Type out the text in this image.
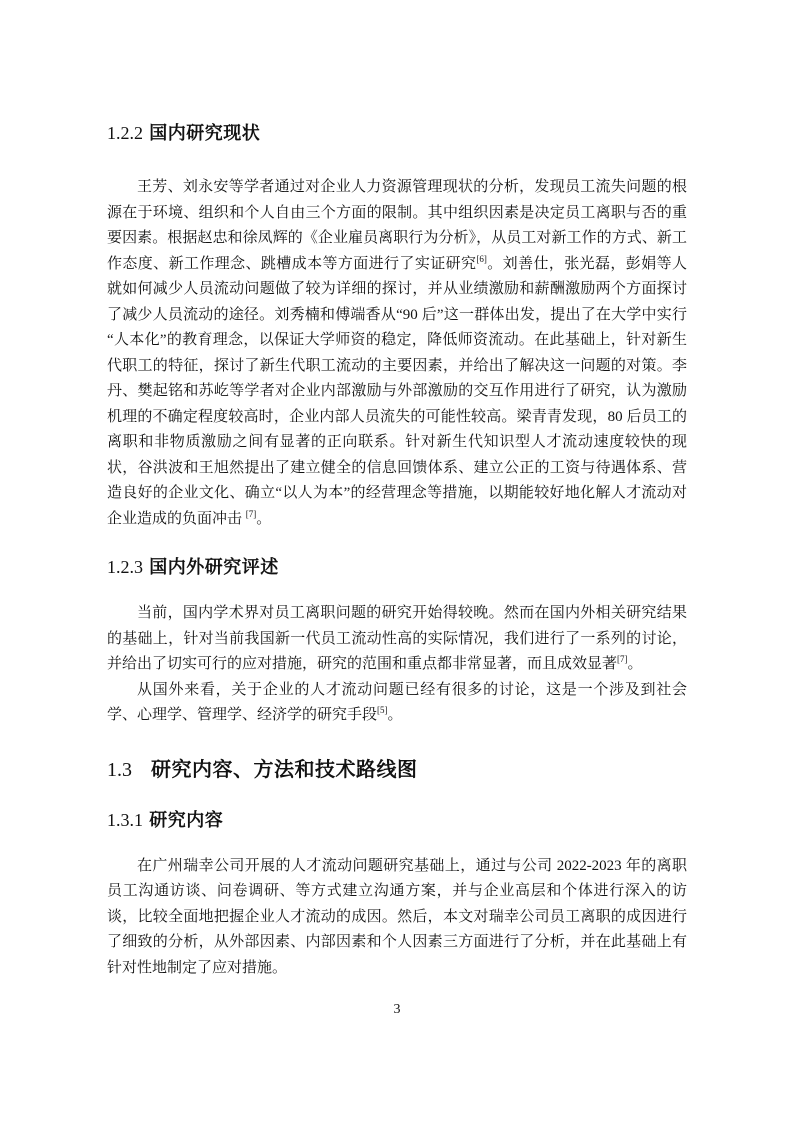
1.2.2 国内研究现状

王芳、刘永安等学者通过对企业人力资源管理现状的分析，发现员工流失问题的根源在于环境、组织和个人自由三个方面的限制。其中组织因素是决定员工离职与否的重要因素。根据赵忠和徐凤辉的《企业雇员离职行为分析》，从员工对新工作的方式、新工作态度、新工作理念、跳槽成本等方面进行了实证研究[6]。刘善仕，张光磊，彭娟等人就如何减少人员流动问题做了较为详细的探讨，并从业绩激励和薪酬激励两个方面探讨了减少人员流动的途径。刘秀楠和傅端香从“90 后”这一群体出发，提出了在大学中实行“人本化”的教育理念，以保证大学师资的稳定，降低师资流动。在此基础上，针对新生代职工的特征，探讨了新生代职工流动的主要因素，并给出了解决这一问题的对策。李丹、樊起铭和苏屹等学者对企业内部激励与外部激励的交互作用进行了研究，认为激励机理的不确定程度较高时，企业内部人员流失的可能性较高。梁青青发现，80 后员工的离职和非物质激励之间有显著的正向联系。针对新生代知识型人才流动速度较快的现状，谷洪波和王旭然提出了建立健全的信息回馈体系、建立公正的工资与待遇体系、营造良好的企业文化、确立“以人为本”的经营理念等措施，以期能较好地化解人才流动对企业造成的负面冲击 [7]。

1.2.3 国内外研究评述

当前，国内学术界对员工离职问题的研究开始得较晚。然而在国内外相关研究结果的基础上，针对当前我国新一代员工流动性高的实际情况，我们进行了一系列的讨论，并给出了切实可行的应对措施，研究的范围和重点都非常显著，而且成效显著[7]。

从国外来看，关于企业的人才流动问题已经有很多的讨论，这是一个涉及到社会学、心理学、管理学、经济学的研究手段[5]。

1.3 研究内容、方法和技术路线图
1.3.1 研究内容

在广州瑞幸公司开展的人才流动问题研究基础上，通过与公司 2022-2023 年的离职员工沟通访谈、问卷调研、等方式建立沟通方案，并与企业高层和个体进行深入的访谈，比较全面地把握企业人才流动的成因。然后，本文对瑞幸公司员工离职的成因进行了细致的分析，从外部因素、内部因素和个人因素三方面进行了分析，并在此基础上有针对性地制定了应对措施。

3
